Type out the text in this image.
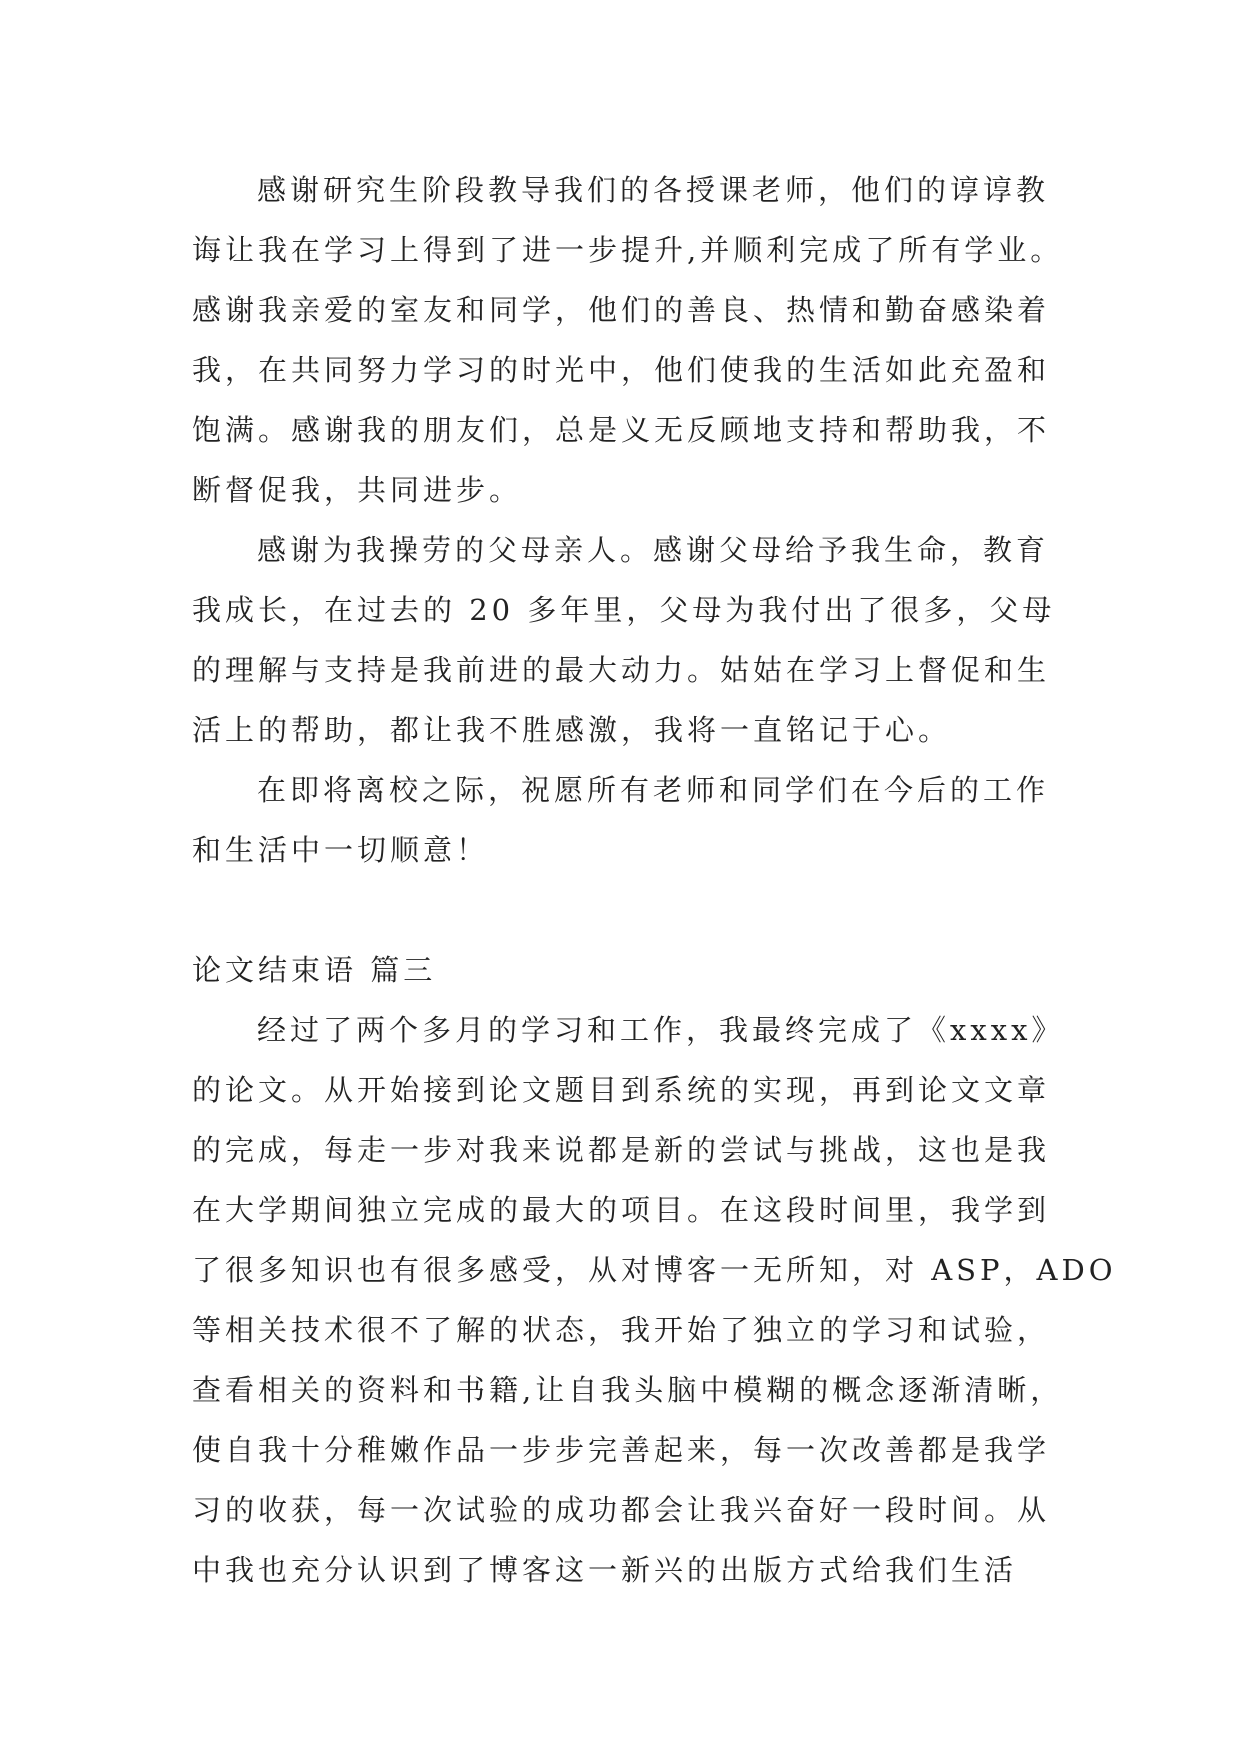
感谢研究生阶段教导我们的各授课老师，他们的谆谆教
诲让我在学习上得到了进一步提升,并顺利完成了所有学业。
感谢我亲爱的室友和同学，他们的善良、热情和勤奋感染着
我，在共同努力学习的时光中，他们使我的生活如此充盈和
饱满。感谢我的朋友们，总是义无反顾地支持和帮助我，不
断督促我，共同进步。
感谢为我操劳的父母亲人。感谢父母给予我生命，教育
我成长，在过去的 20 多年里，父母为我付出了很多，父母
的理解与支持是我前进的最大动力。姑姑在学习上督促和生
活上的帮助，都让我不胜感激，我将一直铭记于心。
在即将离校之际，祝愿所有老师和同学们在今后的工作
和生活中一切顺意！
论文结束语 篇三
经过了两个多月的学习和工作，我最终完成了《xxxx》
的论文。从开始接到论文题目到系统的实现，再到论文文章
的完成，每走一步对我来说都是新的尝试与挑战，这也是我
在大学期间独立完成的最大的项目。在这段时间里，我学到
了很多知识也有很多感受，从对博客一无所知，对 ASP，ADO
等相关技术很不了解的状态，我开始了独立的学习和试验，
查看相关的资料和书籍,让自我头脑中模糊的概念逐渐清晰，
使自我十分稚嫩作品一步步完善起来，每一次改善都是我学
习的收获，每一次试验的成功都会让我兴奋好一段时间。从
中我也充分认识到了博客这一新兴的出版方式给我们生活
